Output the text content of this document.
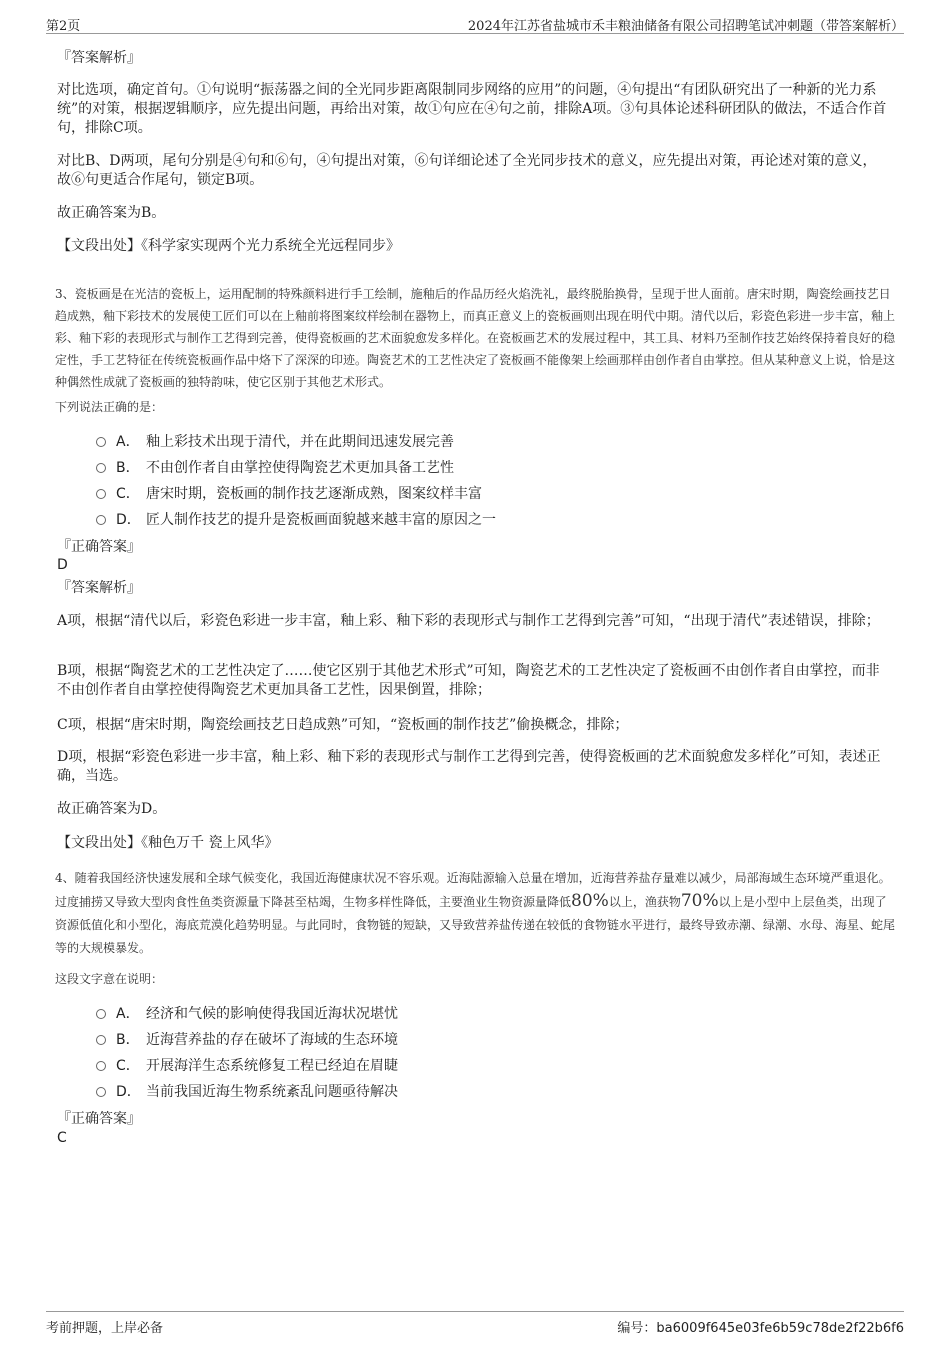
第2页	2024年江苏省盐城市禾丰粮油储备有限公司招聘笔试冲刺题（带答案解析）

『答案解析』

对比选项，确定首句。①句说明“振荡器之间的全光同步距离限制同步网络的应用”的问题，④句提出“有团队研究出了一种新的光力系统”的对策，根据逻辑顺序，应先提出问题，再给出对策，故①句应在④句之前，排除A项。③句具体论述科研团队的做法，不适合作首句，排除C项。

对比B、D两项，尾句分别是④句和⑥句，④句提出对策，⑥句详细论述了全光同步技术的意义，应先提出对策，再论述对策的意义，故⑥句更适合作尾句，锁定B项。

故正确答案为B。

【文段出处】《科学家实现两个光力系统全光远程同步》

3、瓷板画是在光洁的瓷板上，运用配制的特殊颜料进行手工绘制，施釉后的作品历经火焰洗礼，最终脱胎换骨，呈现于世人面前。唐宋时期，陶瓷绘画技艺日趋成熟，釉下彩技术的发展使工匠们可以在上釉前将图案纹样绘制在器物上，而真正意义上的瓷板画则出现在明代中期。清代以后，彩瓷色彩进一步丰富，釉上彩、釉下彩的表现形式与制作工艺得到完善，使得瓷板画的艺术面貌愈发多样化。在瓷板画艺术的发展过程中，其工具、材料乃至制作技艺始终保持着良好的稳定性，手工艺特征在传统瓷板画作品中烙下了深深的印迹。陶瓷艺术的工艺性决定了瓷板画不能像架上绘画那样由创作者自由掌控。但从某种意义上说，恰是这种偶然性成就了瓷板画的独特韵味，使它区别于其他艺术形式。

下列说法正确的是：

A． 釉上彩技术出现于清代，并在此期间迅速发展完善
B． 不由创作者自由掌控使得陶瓷艺术更加具备工艺性
C． 唐宋时期，瓷板画的制作技艺逐渐成熟，图案纹样丰富
D． 匠人制作技艺的提升是瓷板画面貌越来越丰富的原因之一

『正确答案』

D

『答案解析』

A项，根据“清代以后，彩瓷色彩进一步丰富，釉上彩、釉下彩的表现形式与制作工艺得到完善”可知，“出现于清代”表述错误，排除；

B项，根据“陶瓷艺术的工艺性决定了……使它区别于其他艺术形式”可知，陶瓷艺术的工艺性决定了瓷板画不由创作者自由掌控，而非不由创作者自由掌控使得陶瓷艺术更加具备工艺性，因果倒置，排除；

C项，根据“唐宋时期，陶瓷绘画技艺日趋成熟”可知，“瓷板画的制作技艺”偷换概念，排除；

D项，根据“彩瓷色彩进一步丰富，釉上彩、釉下彩的表现形式与制作工艺得到完善，使得瓷板画的艺术面貌愈发多样化”可知，表述正确，当选。

故正确答案为D。

【文段出处】《釉色万千 瓷上风华》

4、随着我国经济快速发展和全球气候变化，我国近海健康状况不容乐观。近海陆源输入总量在增加，近海营养盐存量难以减少，局部海域生态环境严重退化。过度捕捞又导致大型肉食性鱼类资源量下降甚至枯竭，生物多样性降低，主要渔业生物资源量降低80%以上，渔获物70%以上是小型中上层鱼类，出现了资源低值化和小型化，海底荒漠化趋势明显。与此同时，食物链的短缺，又导致营养盐传递在较低的食物链水平进行，最终导致赤潮、绿潮、水母、海星、蛇尾等的大规模暴发。

这段文字意在说明：

A． 经济和气候的影响使得我国近海状况堪忧
B． 近海营养盐的存在破坏了海域的生态环境
C． 开展海洋生态系统修复工程已经迫在眉睫
D． 当前我国近海生物系统紊乱问题亟待解决

『正确答案』

C

考前押题，上岸必备	编号：ba6009f645e03fe6b59c78de2f22b6f6
